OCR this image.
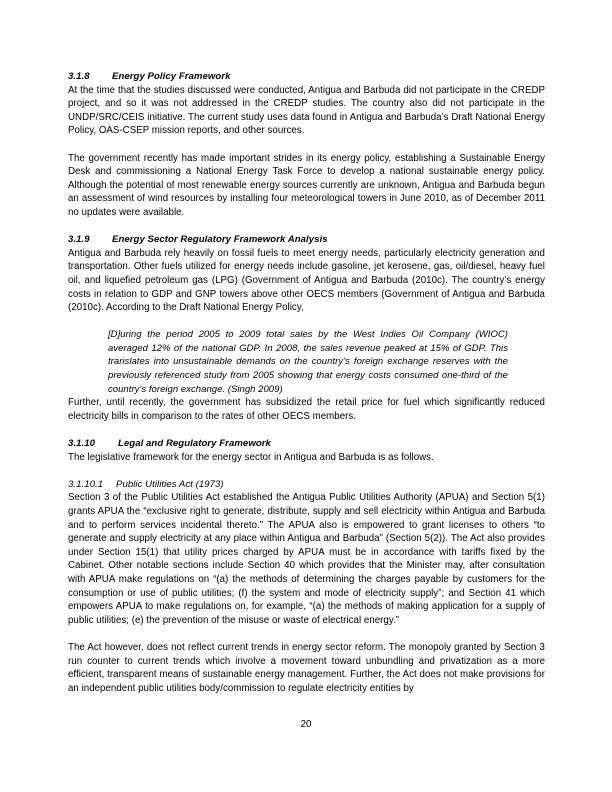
3.1.8 Energy Policy Framework

At the time that the studies discussed were conducted, Antigua and Barbuda did not participate in the CREDP project, and so it was not addressed in the CREDP studies. The country also did not participate in the UNDP/SRC/CEIS initiative. The current study uses data found in Antigua and Barbuda’s Draft National Energy Policy, OAS-CSEP mission reports, and other sources.

The government recently has made important strides in its energy policy, establishing a Sustainable Energy Desk and commissioning a National Energy Task Force to develop a national sustainable energy policy. Although the potential of most renewable energy sources currently are unknown, Antigua and Barbuda begun an assessment of wind resources by installing four meteorological towers in June 2010, as of December 2011 no updates were available.

3.1.9 Energy Sector Regulatory Framework Analysis

Antigua and Barbuda rely heavily on fossil fuels to meet energy needs, particularly electricity generation and transportation. Other fuels utilized for energy needs include gasoline, jet kerosene, gas, oil/diesel, heavy fuel oil, and liquefied petroleum gas (LPG) (Government of Antigua and Barbuda (2010c). The country’s energy costs in relation to GDP and GNP towers above other OECS members (Government of Antigua and Barbuda (2010c). According to the Draft National Energy Policy,

[D]uring the period 2005 to 2009 total sales by the West Indies Oil Company (WIOC) averaged 12% of the national GDP. In 2008, the sales revenue peaked at 15% of GDP. This translates into unsustainable demands on the country’s foreign exchange reserves with the previously referenced study from 2005 showing that energy costs consumed one-third of the country’s foreign exchange. (Singh 2009)

Further, until recently, the government has subsidized the retail price for fuel which significantly reduced electricity bills in comparison to the rates of other OECS members.

3.1.10 Legal and Regulatory Framework

The legislative framework for the energy sector in Antigua and Barbuda is as follows.

3.1.10.1 Public Utilities Act (1973)

Section 3 of the Public Utilities Act established the Antigua Public Utilities Authority (APUA) and Section 5(1) grants APUA the “exclusive right to generate, distribute, supply and sell electricity within Antigua and Barbuda and to perform services incidental thereto.” The APUA also is empowered to grant licenses to others “to generate and supply electricity at any place within Antigua and Barbuda” (Section 5(2)). The Act also provides under Section 15(1) that utility prices charged by APUA must be in accordance with tariffs fixed by the Cabinet. Other notable sections include Section 40 which provides that the Minister may, after consultation with APUA make regulations on “(a) the methods of determining the charges payable by customers for the consumption or use of public utilities; (f) the system and mode of electricity supply”; and Section 41 which empowers APUA to make regulations on, for example, “(a) the methods of making application for a supply of public utilities; (e) the prevention of the misuse or waste of electrical energy.”

The Act however, does not reflect current trends in energy sector reform. The monopoly granted by Section 3 run counter to current trends which involve a movement toward unbundling and privatization as a more efficient, transparent means of sustainable energy management. Further, the Act does not make provisions for an independent public utilities body/commission to regulate electricity entities by

20
